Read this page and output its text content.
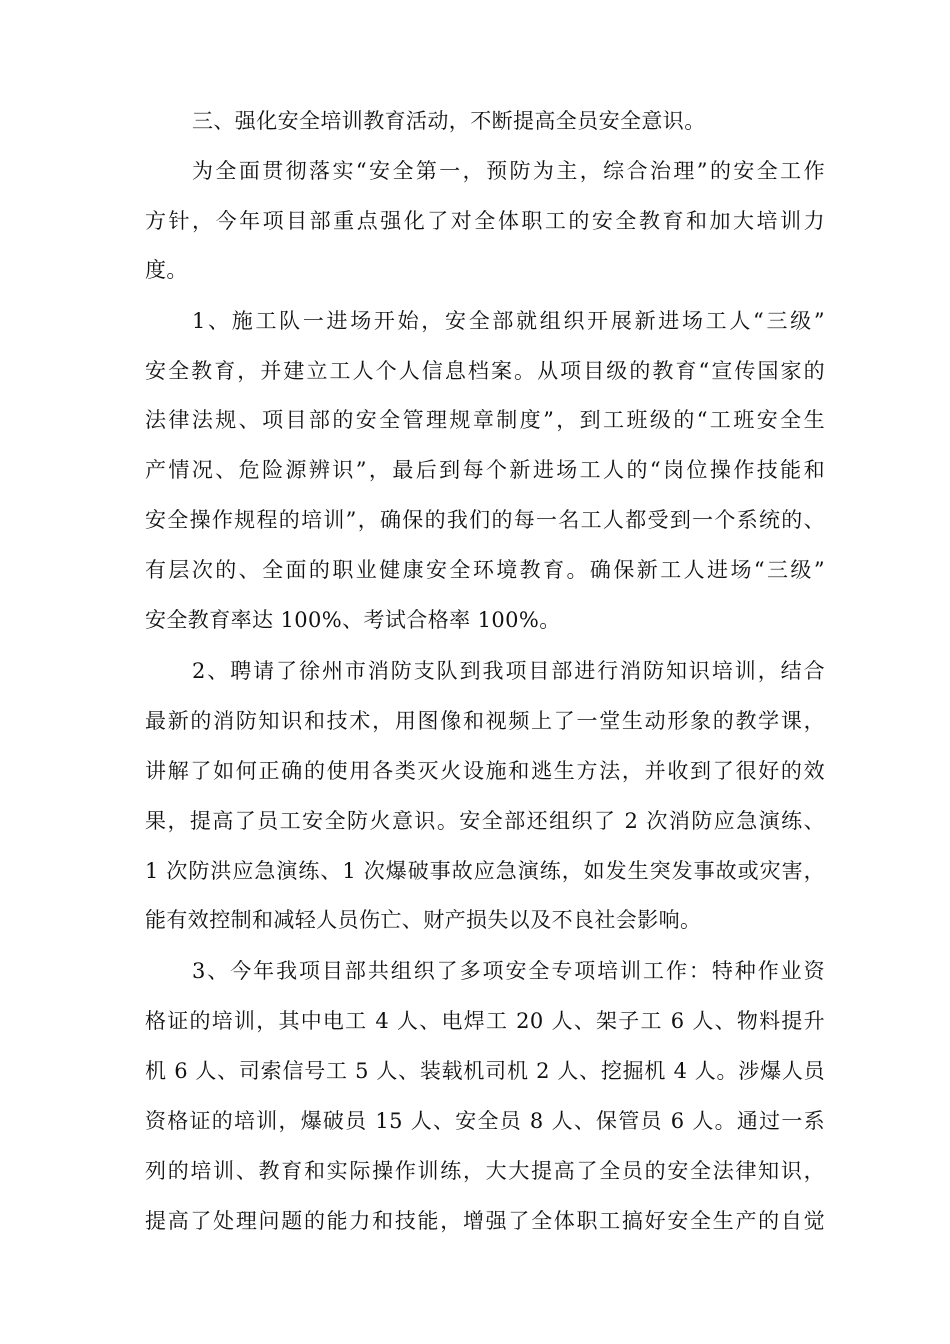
三、强化安全培训教育活动，不断提高全员安全意识。
为全面贯彻落实“安全第一，预防为主，综合治理”的安全工作
方针，今年项目部重点强化了对全体职工的安全教育和加大培训力
度。
1、施工队一进场开始，安全部就组织开展新进场工人“三级”
安全教育，并建立工人个人信息档案。从项目级的教育“宣传国家的
法律法规、项目部的安全管理规章制度”，到工班级的“工班安全生
产情况、危险源辨识”，最后到每个新进场工人的“岗位操作技能和
安全操作规程的培训”，确保的我们的每一名工人都受到一个系统的、
有层次的、全面的职业健康安全环境教育。确保新工人进场“三级”
安全教育率达 100%、考试合格率 100%。
2、聘请了徐州市消防支队到我项目部进行消防知识培训，结合
最新的消防知识和技术，用图像和视频上了一堂生动形象的教学课，
讲解了如何正确的使用各类灭火设施和逃生方法，并收到了很好的效
果，提高了员工安全防火意识。安全部还组织了 2 次消防应急演练、
1 次防洪应急演练、1 次爆破事故应急演练，如发生突发事故或灾害，
能有效控制和减轻人员伤亡、财产损失以及不良社会影响。
3、今年我项目部共组织了多项安全专项培训工作：特种作业资
格证的培训，其中电工 4 人、电焊工 20 人、架子工 6 人、物料提升
机 6 人、司索信号工 5 人、装载机司机 2 人、挖掘机 4 人。涉爆人员
资格证的培训，爆破员 15 人、安全员 8 人、保管员 6 人。通过一系
列的培训、教育和实际操作训练，大大提高了全员的安全法律知识，
提高了处理问题的能力和技能，增强了全体职工搞好安全生产的自觉
